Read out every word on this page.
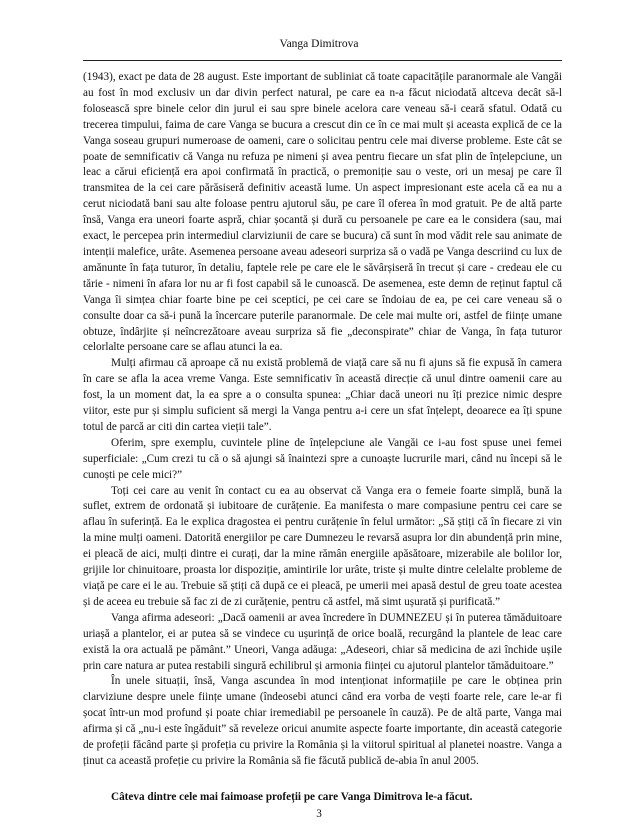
Vanga Dimitrova

(1943), exact pe data de 28 august. Este important de subliniat că toate capacitățile paranormale ale Vangăi au fost în mod exclusiv un dar divin perfect natural, pe care ea n-a făcut niciodată altceva decât să-l folosească spre binele celor din jurul ei sau spre binele acelora care veneau să-i ceară sfatul. Odată cu trecerea timpului, faima de care Vanga se bucura a crescut din ce în ce mai mult și aceasta explică de ce la Vanga soseau grupuri numeroase de oameni, care o solicitau pentru cele mai diverse probleme. Este cât se poate de semnificativ că Vanga nu refuza pe nimeni și avea pentru fiecare un sfat plin de înțelepciune, un leac a cărui eficiență era apoi confirmată în practică, o premoniție sau o veste, ori un mesaj pe care îl transmitea de la cei care părăsiseră definitiv această lume. Un aspect impresionant este acela că ea nu a cerut niciodată bani sau alte foloase pentru ajutorul său, pe care îl oferea în mod gratuit. Pe de altă parte însă, Vanga era uneori foarte aspră, chiar șocantă și dură cu persoanele pe care ea le considera (sau, mai exact, le percepea prin intermediul clarviziunii de care se bucura) că sunt în mod vădit rele sau animate de intenții malefice, urâte. Asemenea persoane aveau adeseori surpriza să o vadă pe Vanga descriind cu lux de amănunte în fața tuturor, în detaliu, faptele rele pe care ele le săvârșiseră în trecut și care - credeau ele cu tărie - nimeni în afara lor nu ar fi fost capabil să le cunoască. De asemenea, este demn de reținut faptul că Vanga îi simțea chiar foarte bine pe cei sceptici, pe cei care se îndoiau de ea, pe cei care veneau să o consulte doar ca să-i pună la încercare puterile paranormale. De cele mai multe ori, astfel de ființe umane obtuze, îndârjite și neîncrezătoare aveau surpriza să fie „deconspirate” chiar de Vanga, în fața tuturor celorlalte persoane care se aflau atunci la ea.

Mulți afirmau că aproape că nu există problemă de viață care să nu fi ajuns să fie expusă în camera în care se afla la acea vreme Vanga. Este semnificativ în această direcție că unul dintre oamenii care au fost, la un moment dat, la ea spre a o consulta spunea: „Chiar dacă uneori nu îți prezice nimic despre viitor, este pur și simplu suficient să mergi la Vanga pentru a-i cere un sfat înțelept, deoarece ea îți spune totul de parcă ar citi din cartea vieții tale”.

Oferim, spre exemplu, cuvintele pline de înțelepciune ale Vangăi ce i-au fost spuse unei femei superficiale: „Cum crezi tu că o să ajungi să înaintezi spre a cunoaște lucrurile mari, când nu începi să le cunoști pe cele mici?”

Toți cei care au venit în contact cu ea au observat că Vanga era o femeie foarte simplă, bună la suflet, extrem de ordonată și iubitoare de curățenie. Ea manifesta o mare compasiune pentru cei care se aflau în suferință. Ea le explica dragostea ei pentru curățenie în felul următor: „Să știți că în fiecare zi vin la mine mulți oameni. Datorită energiilor pe care Dumnezeu le revarsă asupra lor din abundență prin mine, ei pleacă de aici, mulți dintre ei curați, dar la mine rămân energiile apăsătoare, mizerabile ale bolilor lor, grijile lor chinuitoare, proasta lor dispoziție, amintirile lor urâte, triste și multe dintre celelalte probleme de viață pe care ei le au. Trebuie să știți că după ce ei pleacă, pe umerii mei apasă destul de greu toate acestea și de aceea eu trebuie să fac zi de zi curățenie, pentru că astfel, mă simt ușurată și purificată.”

Vanga afirma adeseori: „Dacă oamenii ar avea încredere în DUMNEZEU și în puterea tămăduitoare uriașă a plantelor, ei ar putea să se vindece cu ușurință de orice boală, recurgând la plantele de leac care există la ora actuală pe pământ.” Uneori, Vanga adăuga: „Adeseori, chiar să medicina de azi închide ușile prin care natura ar putea restabili singură echilibrul și armonia ființei cu ajutorul plantelor tămăduitoare.”

În unele situații, însă, Vanga ascundea în mod intenționat informațiile pe care le obținea prin clarviziune despre unele ființe umane (îndeosebi atunci când era vorba de vești foarte rele, care le-ar fi șocat într-un mod profund și poate chiar iremediabil pe persoanele în cauză). Pe de altă parte, Vanga mai afirma și că „nu-i este îngăduit” să reveleze oricui anumite aspecte foarte importante, din această categorie de profeții făcând parte și profeția cu privire la România și la viitorul spiritual al planetei noastre. Vanga a ținut ca această profeție cu privire la România să fie făcută publică de-abia în anul 2005.

Câteva dintre cele mai faimoase profeții pe care Vanga Dimitrova le-a făcut.

3
